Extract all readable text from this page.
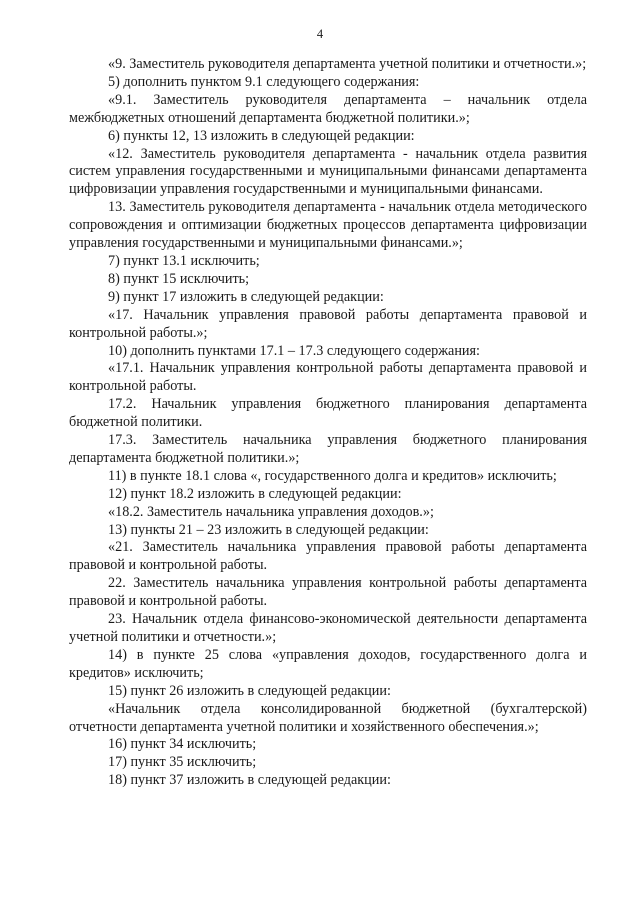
4

«9. Заместитель руководителя департамента учетной политики и отчетности.»;

5) дополнить пунктом 9.1 следующего содержания:

«9.1. Заместитель руководителя департамента – начальник отдела межбюджетных отношений департамента бюджетной политики.»;

6) пункты 12, 13 изложить в следующей редакции:

«12. Заместитель руководителя департамента - начальник отдела развития систем управления государственными и муниципальными финансами департамента цифровизации управления государственными и муниципальными финансами.

13. Заместитель руководителя департамента - начальник отдела методического сопровождения и оптимизации бюджетных процессов департамента цифровизации управления государственными и муниципальными финансами.»;

7) пункт 13.1 исключить;

8) пункт 15 исключить;

9) пункт 17 изложить в следующей редакции:

«17. Начальник управления правовой работы департамента правовой и контрольной работы.»;

10) дополнить пунктами 17.1 – 17.3 следующего содержания:

«17.1. Начальник управления контрольной работы департамента правовой и контрольной работы.

17.2. Начальник управления бюджетного планирования департамента бюджетной политики.

17.3. Заместитель начальника управления бюджетного планирования департамента бюджетной политики.»;

11) в пункте 18.1 слова «, государственного долга и кредитов» исключить;

12) пункт 18.2 изложить в следующей редакции:

«18.2. Заместитель начальника управления доходов.»;

13) пункты 21 – 23 изложить в следующей редакции:

«21. Заместитель начальника управления правовой работы департамента правовой и контрольной работы.

22. Заместитель начальника управления контрольной работы департамента правовой и контрольной работы.

23. Начальник отдела финансово-экономической деятельности департамента учетной политики и отчетности.»;

14) в пункте 25 слова «управления доходов, государственного долга и кредитов» исключить;

15) пункт 26 изложить в следующей редакции:

«Начальник отдела консолидированной бюджетной (бухгалтерской) отчетности департамента учетной политики и хозяйственного обеспечения.»;

16) пункт 34 исключить;

17) пункт 35 исключить;

18) пункт 37 изложить в следующей редакции:
